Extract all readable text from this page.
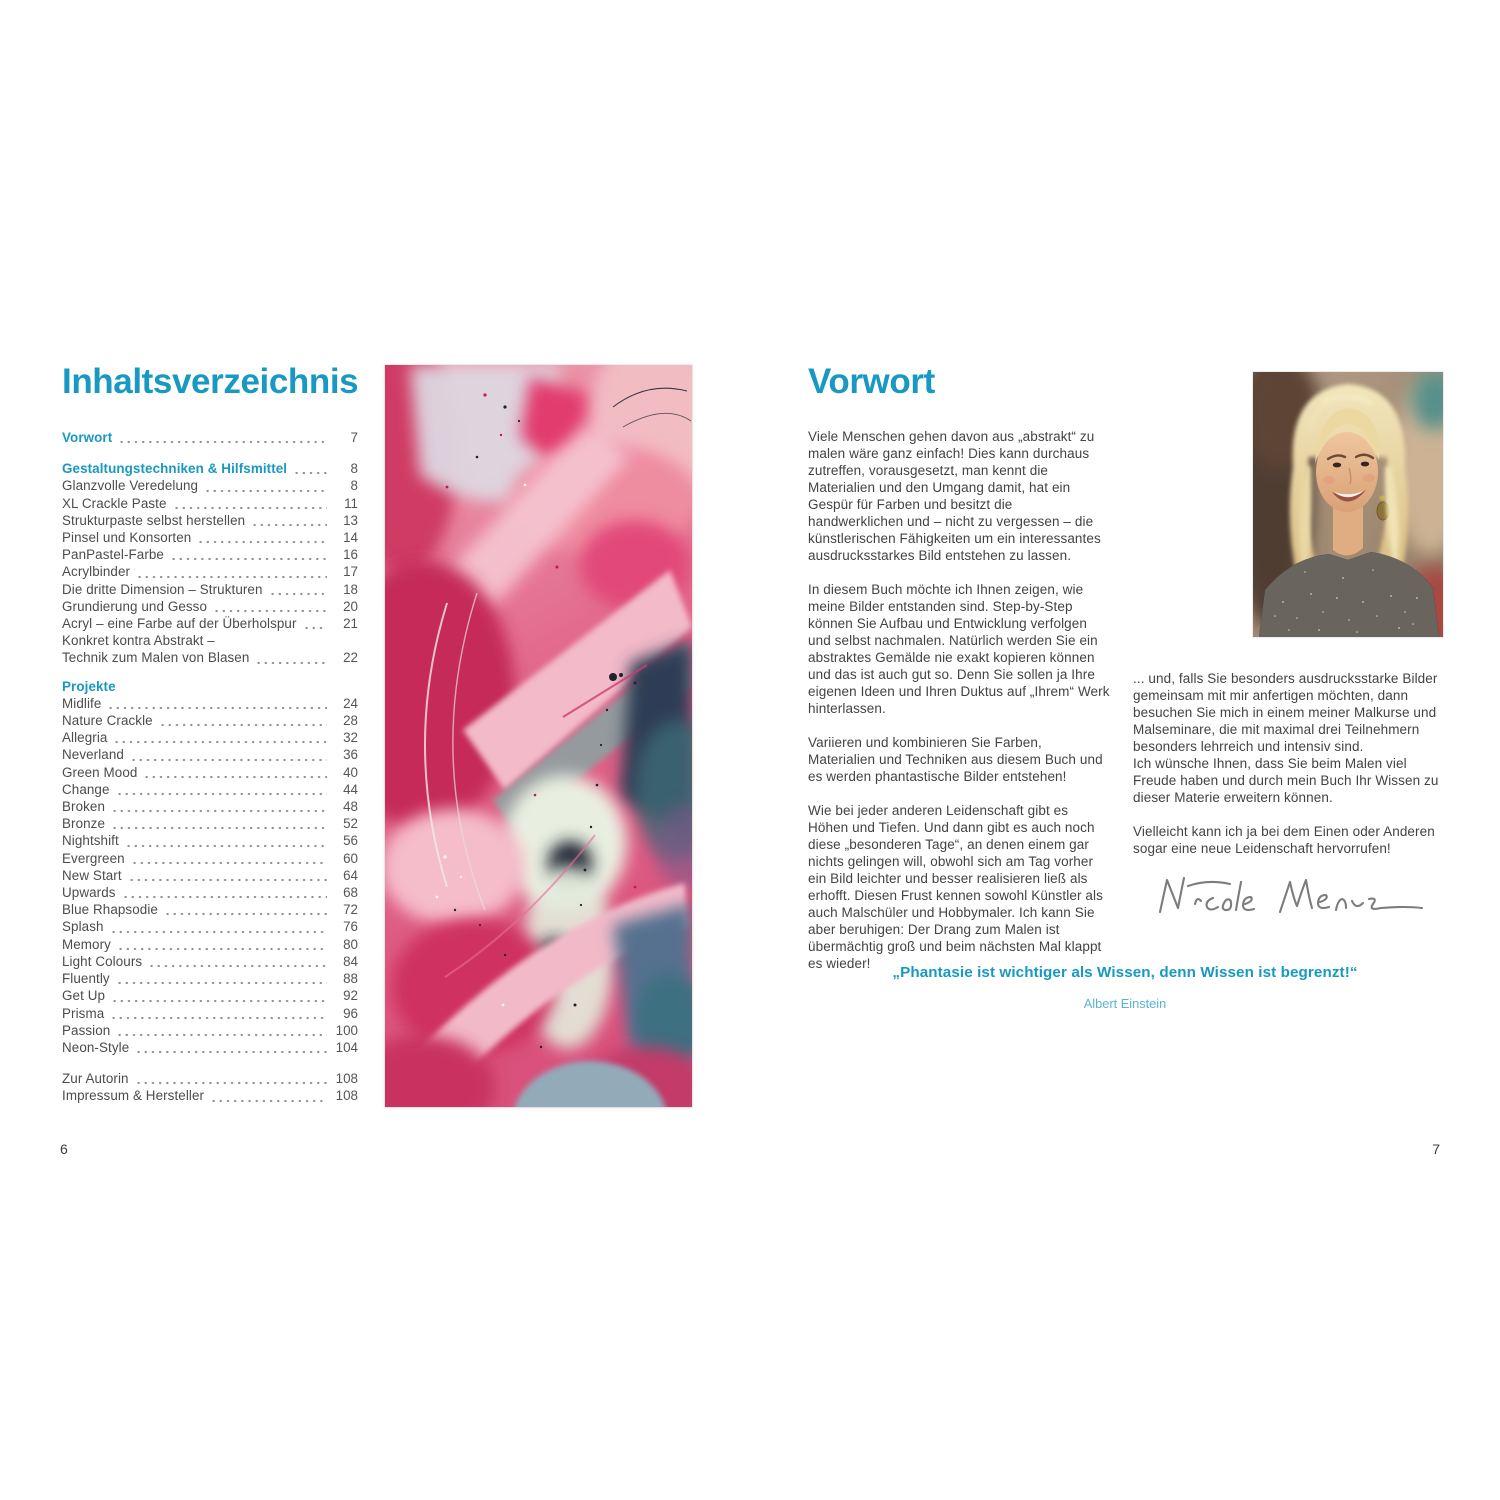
Inhaltsverzeichnis
Vorwort	7
Gestaltungstechniken & Hilfsmittel	8
Glanzvolle Veredelung	8
XL Crackle Paste	11
Strukturpaste selbst herstellen	13
Pinsel und Konsorten	14
PanPastel-Farbe	16
Acrylbinder	17
Die dritte Dimension – Strukturen	18
Grundierung und Gesso	20
Acryl – eine Farbe auf der Überholspur	21
Konkret kontra Abstrakt –
Technik zum Malen von Blasen	22
Projekte
Midlife	24
Nature Crackle	28
Allegria	32
Neverland	36
Green Mood	40
Change	44
Broken	48
Bronze	52
Nightshift	56
Evergreen	60
New Start	64
Upwards	68
Blue Rhapsodie	72
Splash	76
Memory	80
Light Colours	84
Fluently	88
Get Up	92
Prisma	96
Passion	100
Neon-Style	104
Zur Autorin	108
Impressum & Hersteller	108
6
Vorwort

Viele Menschen gehen davon aus „abstrakt“ zu malen wäre ganz einfach! Dies kann durchaus zutreffen, vorausgesetzt, man kennt die Materialien und den Umgang damit, hat ein Gespür für Farben und besitzt die handwerklichen und – nicht zu vergessen – die künstlerischen Fähigkeiten um ein interessantes ausdrucksstarkes Bild entstehen zu lassen.

In diesem Buch möchte ich Ihnen zeigen, wie meine Bilder entstanden sind. Step-by-Step können Sie Aufbau und Entwicklung verfolgen und selbst nachmalen. Natürlich werden Sie ein abstraktes Gemälde nie exakt kopieren können und das ist auch gut so. Denn Sie sollen ja Ihre eigenen Ideen und Ihren Duktus auf „Ihrem“ Werk hinterlassen.

Variieren und kombinieren Sie Farben, Materialien und Techniken aus diesem Buch und es werden phantastische Bilder entstehen!

Wie bei jeder anderen Leidenschaft gibt es Höhen und Tiefen. Und dann gibt es auch noch diese „besonderen Tage“, an denen einem gar nichts gelingen will, obwohl sich am Tag vorher ein Bild leichter und besser realisieren ließ als erhofft. Diesen Frust kennen sowohl Künstler als auch Malschüler und Hobbymaler. Ich kann Sie aber beruhigen: Der Drang zum Malen ist übermächtig groß und beim nächsten Mal klappt es wieder!

... und, falls Sie besonders ausdrucksstarke Bilder gemeinsam mit mir anfertigen möchten, dann besuchen Sie mich in einem meiner Malkurse und Malseminare, die mit maximal drei Teilnehmern besonders lehrreich und intensiv sind.

Ich wünsche Ihnen, dass Sie beim Malen viel Freude haben und durch mein Buch Ihr Wissen zu dieser Materie erweitern können.

Vielleicht kann ich ja bei dem Einen oder Anderen sogar eine neue Leidenschaft hervorrufen!

„Phantasie ist wichtiger als Wissen, denn Wissen ist begrenzt!“
Albert Einstein
7
